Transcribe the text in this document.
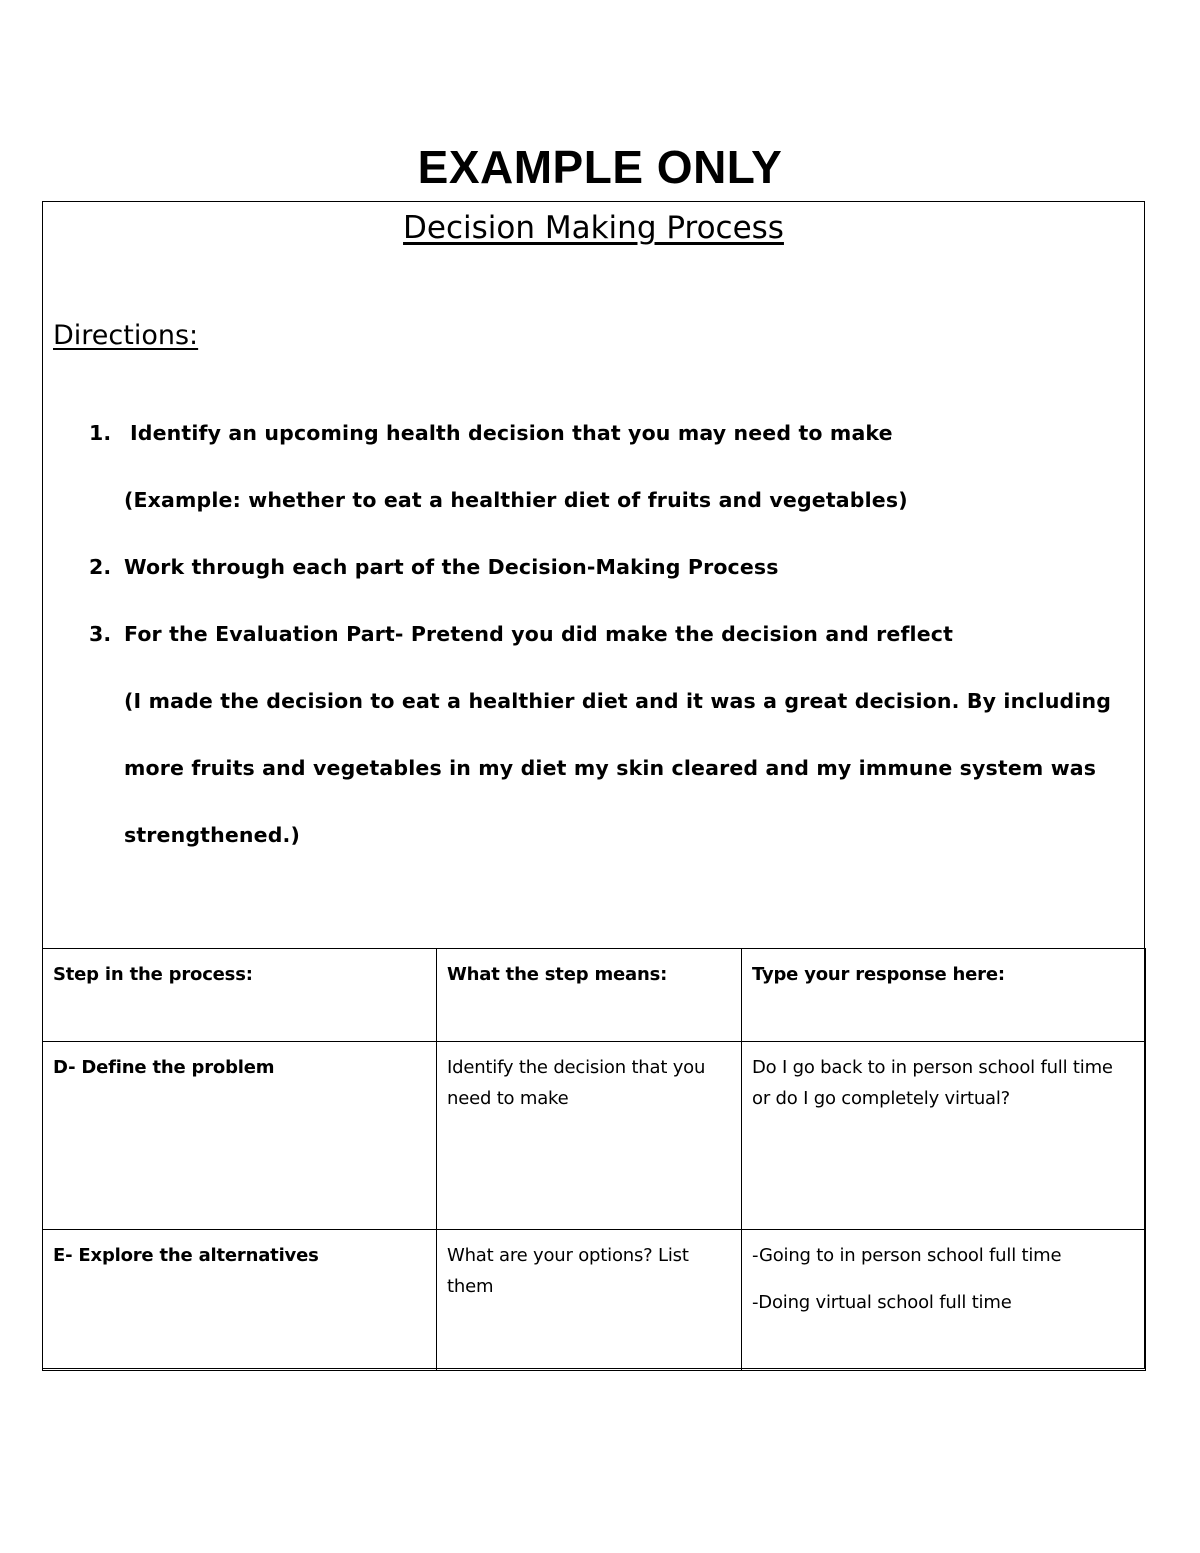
EXAMPLE ONLY
Decision Making Process
Directions:
1. Identify an upcoming health decision that you may need to make
(Example: whether to eat a healthier diet of fruits and vegetables)
2. Work through each part of the Decision-Making Process
3. For the Evaluation Part- Pretend you did make the decision and reflect
(I made the decision to eat a healthier diet and it was a great decision. By including
more fruits and vegetables in my diet my skin cleared and my immune system was
strengthened.)
Step in the process:	What the step means:	Type your response here:
D- Define the problem	Identify the decision that you need to make	Do I go back to in person school full time or do I go completely virtual?

E- Explore the alternatives	What are your options? List them	-Going to in person school full time

-Doing virtual school full time
